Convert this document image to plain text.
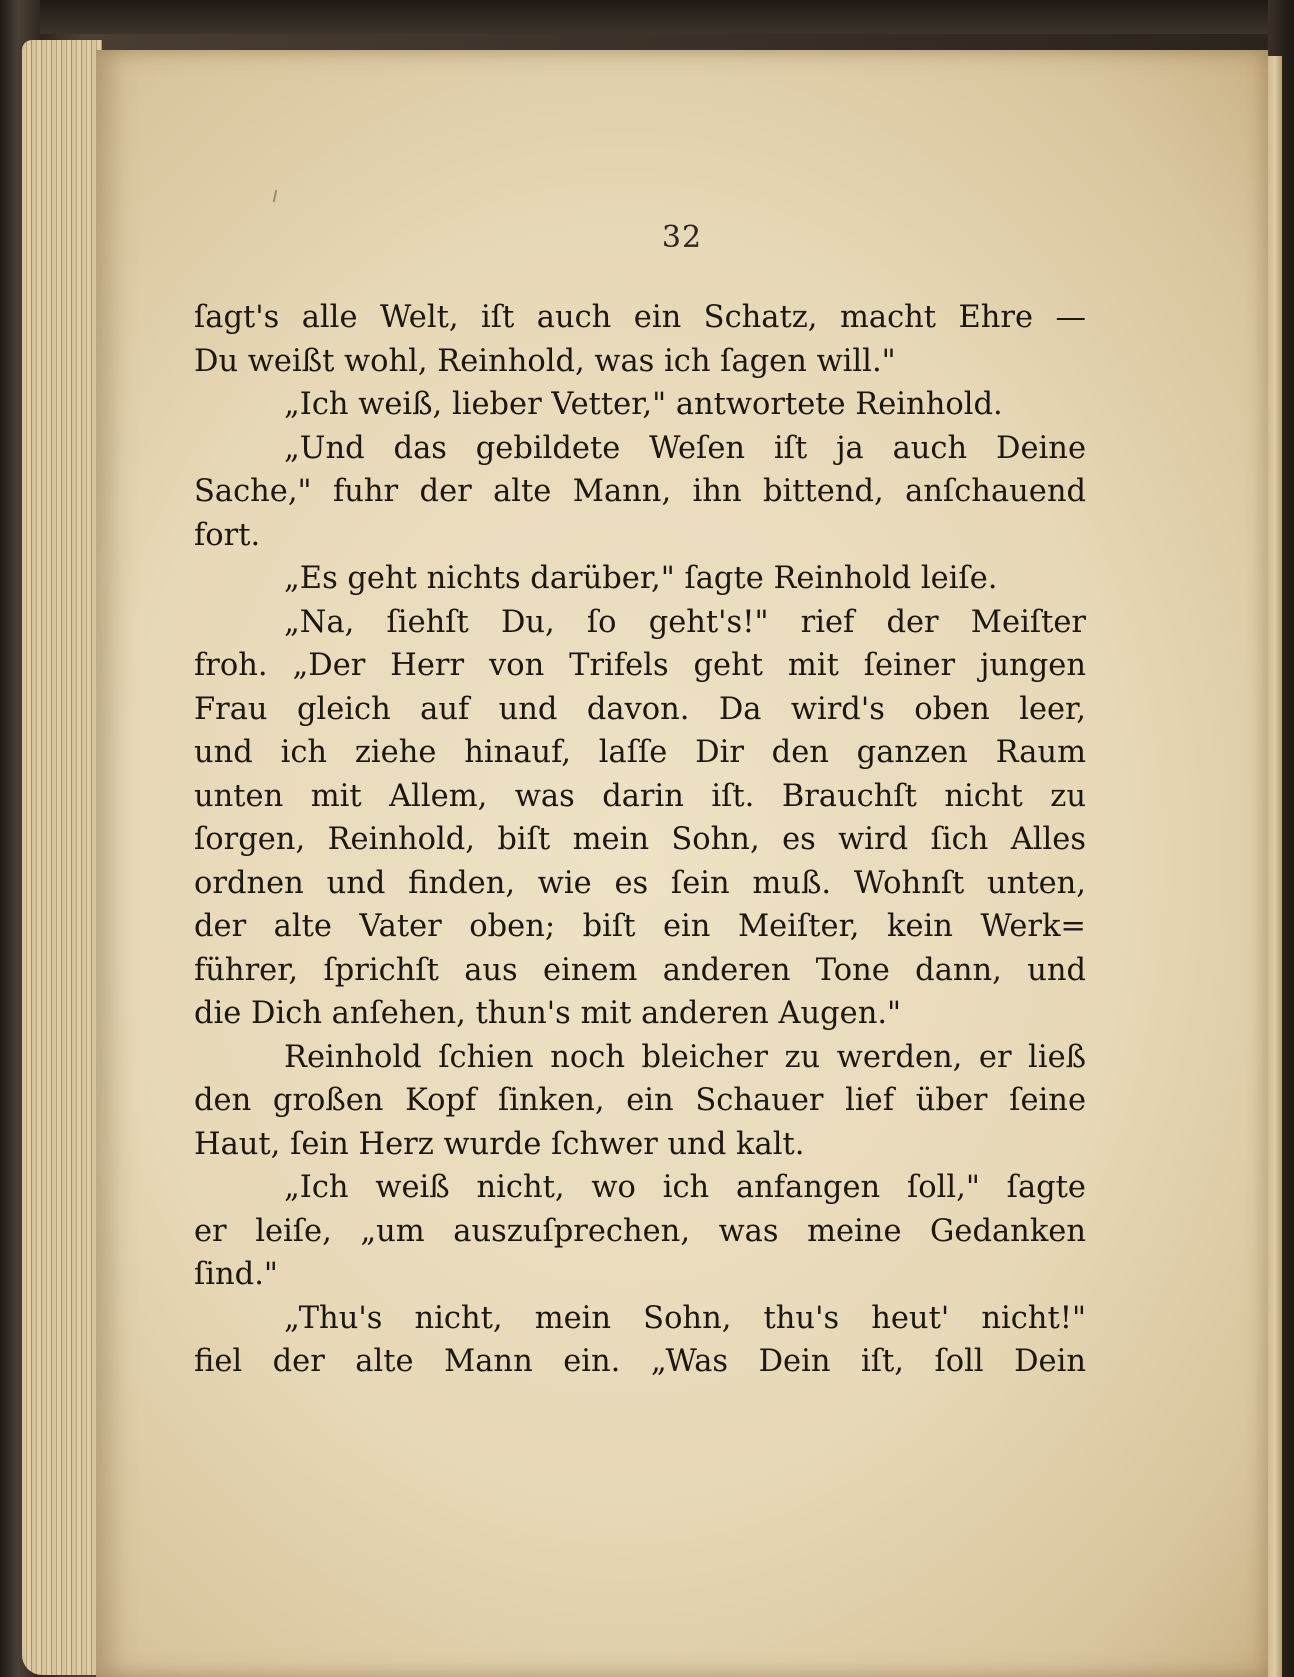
32
ſagt's alle Welt, iſt auch ein Schatz, macht Ehre —
Du weißt wohl, Reinhold, was ich ſagen will."
„Ich weiß, lieber Vetter," antwortete Reinhold.
„Und das gebildete Weſen iſt ja auch Deine
Sache," fuhr der alte Mann, ihn bittend, anſchauend
fort.
„Es geht nichts darüber," ſagte Reinhold leiſe.
„Na, ſiehſt Du, ſo geht's!" rief der Meiſter
froh. „Der Herr von Trifels geht mit ſeiner jungen
Frau gleich auf und davon. Da wird's oben leer,
und ich ziehe hinauf, laſſe Dir den ganzen Raum
unten mit Allem, was darin iſt. Brauchſt nicht zu
ſorgen, Reinhold, biſt mein Sohn, es wird ſich Alles
ordnen und finden, wie es ſein muß. Wohnſt unten,
der alte Vater oben; biſt ein Meiſter, kein Werk=
führer, ſprichſt aus einem anderen Tone dann, und
die Dich anſehen, thun's mit anderen Augen."
Reinhold ſchien noch bleicher zu werden, er ließ
den großen Kopf ſinken, ein Schauer lief über ſeine
Haut, ſein Herz wurde ſchwer und kalt.
„Ich weiß nicht, wo ich anfangen ſoll," ſagte
er leiſe, „um auszuſprechen, was meine Gedanken
ſind."
„Thu's nicht, mein Sohn, thu's heut' nicht!"
fiel der alte Mann ein. „Was Dein iſt, ſoll Dein
